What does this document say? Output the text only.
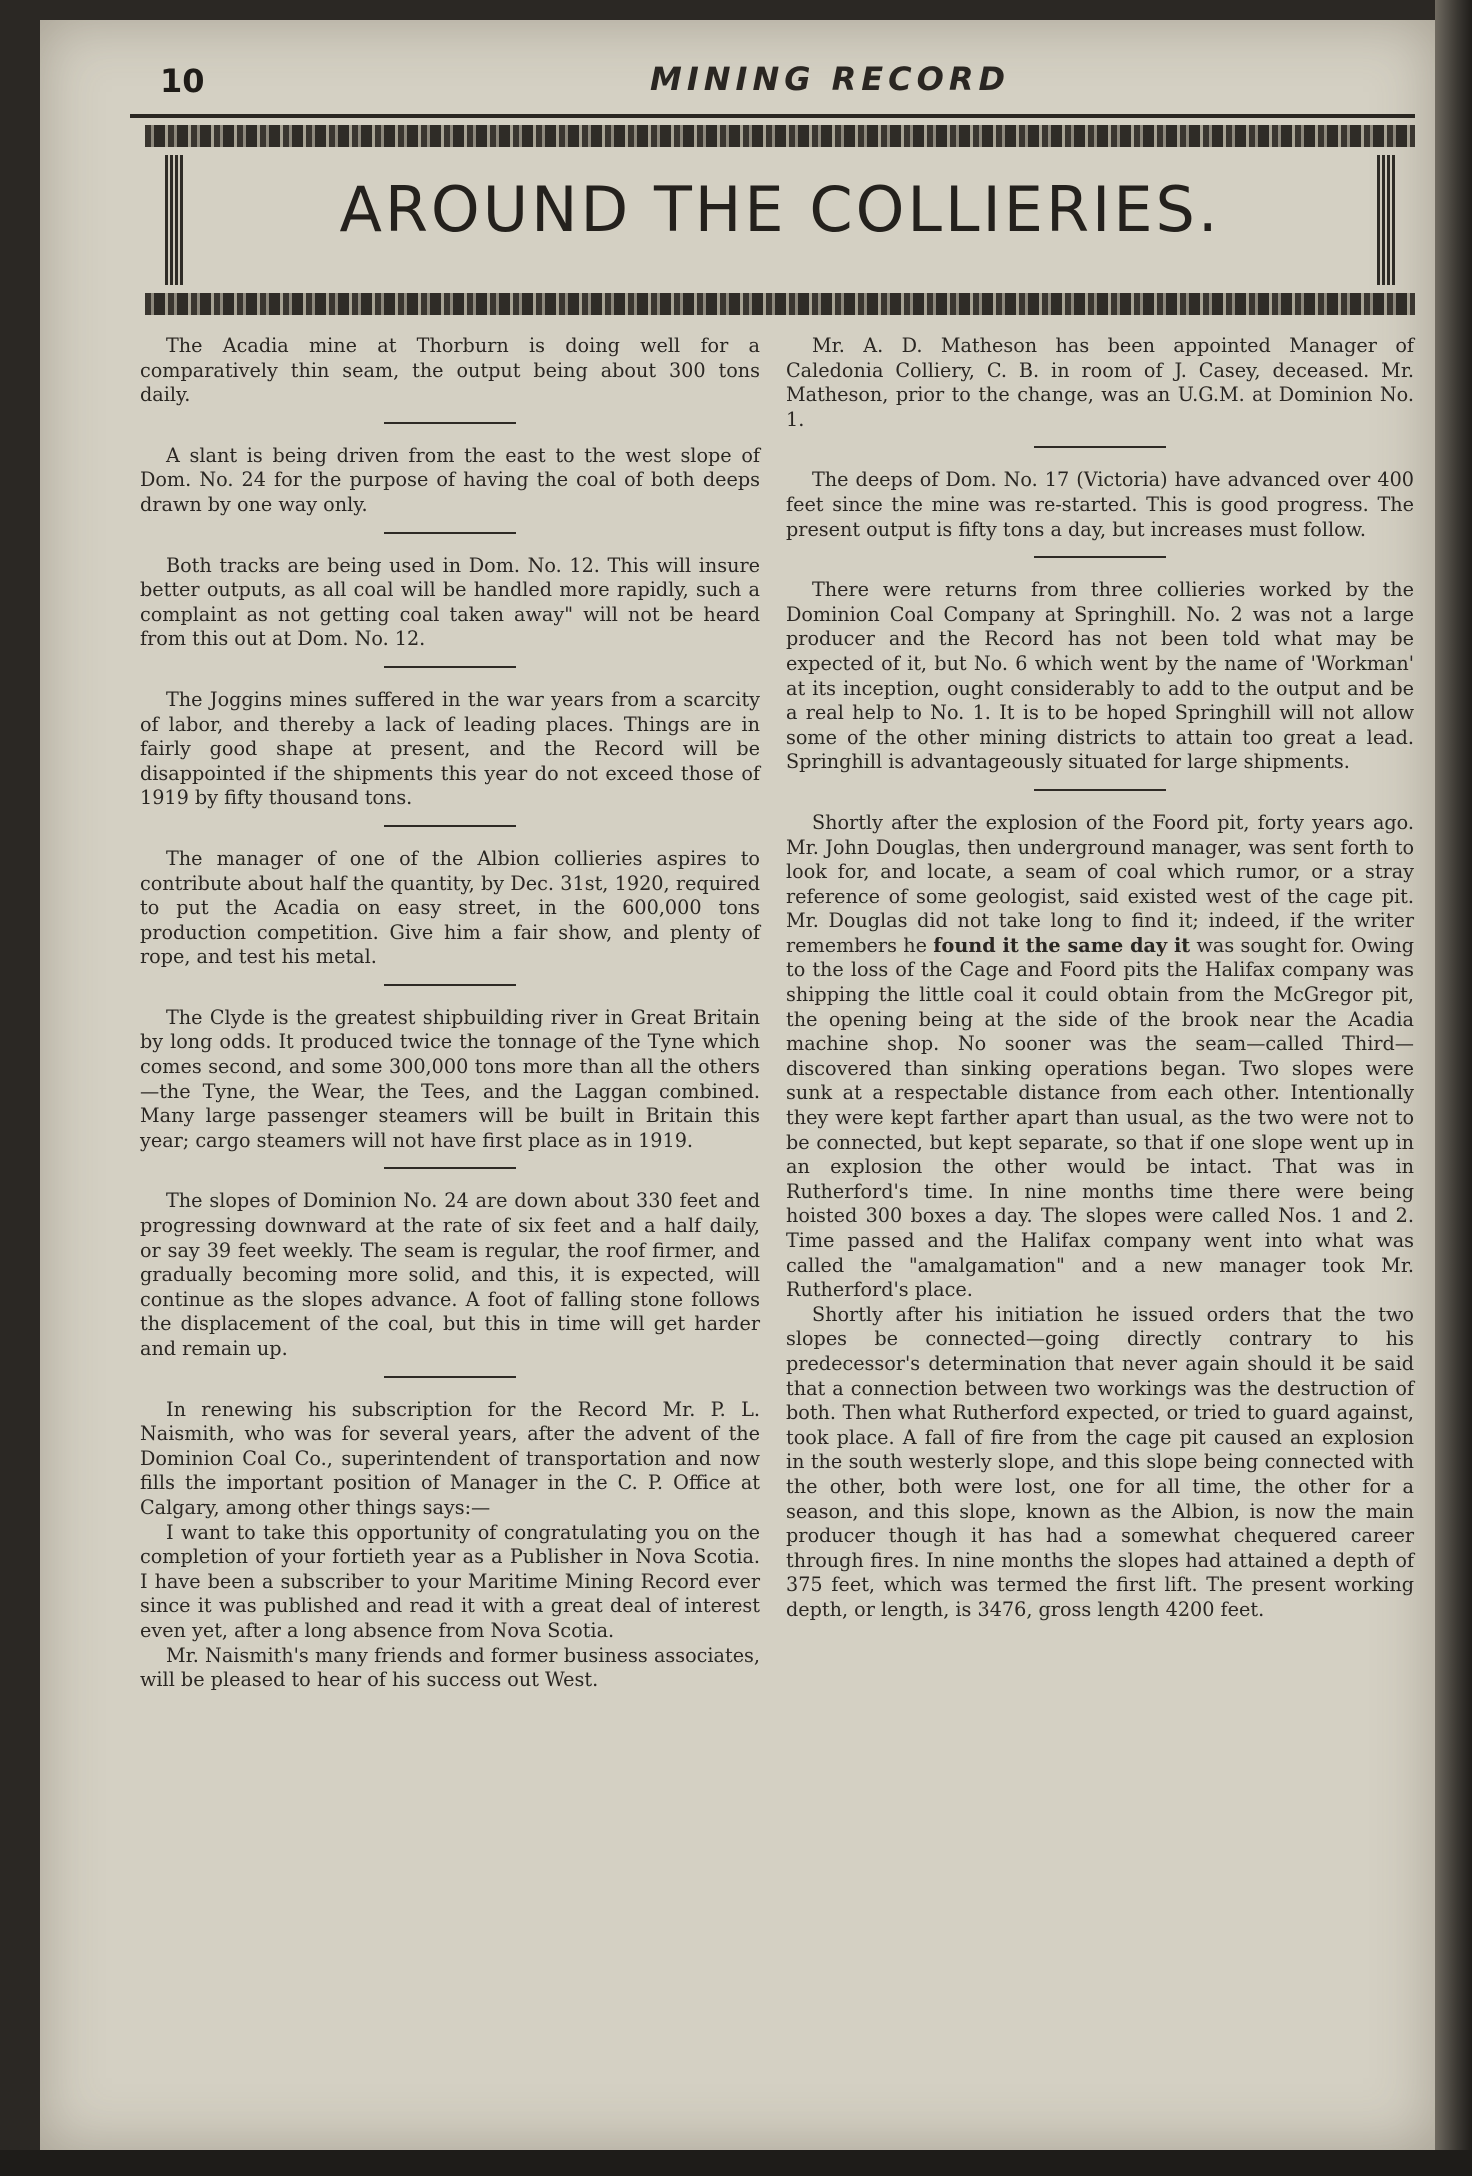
10	MINING RECORD
AROUND THE COLLIERIES.

The Acadia mine at Thorburn is doing well for a comparatively thin seam, the output being about 300 tons daily.

A slant is being driven from the east to the west slope of Dom. No. 24 for the purpose of having the coal of both deeps drawn by one way only.

Both tracks are being used in Dom. No. 12. This will insure better outputs, as all coal will be handled more rapidly, such a complaint as not getting coal taken away" will not be heard from this out at Dom. No. 12.

The Joggins mines suffered in the war years from a scarcity of labor, and thereby a lack of leading places. Things are in fairly good shape at present, and the Record will be disappointed if the shipments this year do not exceed those of 1919 by fifty thousand tons.

The manager of one of the Albion collieries aspires to contribute about half the quantity, by Dec. 31st, 1920, required to put the Acadia on easy street, in the 600,000 tons production competition. Give him a fair show, and plenty of rope, and test his metal.

The Clyde is the greatest shipbuilding river in Great Britain by long odds. It produced twice the tonnage of the Tyne which comes second, and some 300,000 tons more than all the others—the Tyne, the Wear, the Tees, and the Laggan combined. Many large passenger steamers will be built in Britain this year; cargo steamers will not have first place as in 1919.

The slopes of Dominion No. 24 are down about 330 feet and progressing downward at the rate of six feet and a half daily, or say 39 feet weekly. The seam is regular, the roof firmer, and gradually becoming more solid, and this, it is expected, will continue as the slopes advance. A foot of falling stone follows the displacement of the coal, but this in time will get harder and remain up.

In renewing his subscription for the Record Mr. P. L. Naismith, who was for several years, after the advent of the Dominion Coal Co., superintendent of transportation and now fills the important position of Manager in the C. P. Office at Calgary, among other things says:—

I want to take this opportunity of congratulating you on the completion of your fortieth year as a Publisher in Nova Scotia. I have been a subscriber to your Maritime Mining Record ever since it was published and read it with a great deal of interest even yet, after a long absence from Nova Scotia.

Mr. Naismith's many friends and former business associates, will be pleased to hear of his success out West.

Mr. A. D. Matheson has been appointed Manager of Caledonia Colliery, C. B. in room of J. Casey, deceased. Mr. Matheson, prior to the change, was an U.G.M. at Dominion No. 1.

The deeps of Dom. No. 17 (Victoria) have advanced over 400 feet since the mine was re-started. This is good progress. The present output is fifty tons a day, but increases must follow.

There were returns from three collieries worked by the Dominion Coal Company at Springhill. No. 2 was not a large producer and the Record has not been told what may be expected of it, but No. 6 which went by the name of 'Workman' at its inception, ought considerably to add to the output and be a real help to No. 1. It is to be hoped Springhill will not allow some of the other mining districts to attain too great a lead. Springhill is advantageously situated for large shipments.

Shortly after the explosion of the Foord pit, forty years ago. Mr. John Douglas, then underground manager, was sent forth to look for, and locate, a seam of coal which rumor, or a stray reference of some geologist, said existed west of the cage pit. Mr. Douglas did not take long to find it; indeed, if the writer remembers he found it the same day it was sought for. Owing to the loss of the Cage and Foord pits the Halifax company was shipping the little coal it could obtain from the McGregor pit, the opening being at the side of the brook near the Acadia machine shop. No sooner was the seam—called Third—discovered than sinking operations began. Two slopes were sunk at a respectable distance from each other. Intentionally they were kept farther apart than usual, as the two were not to be connected, but kept separate, so that if one slope went up in an explosion the other would be intact. That was in Rutherford's time. In nine months time there were being hoisted 300 boxes a day. The slopes were called Nos. 1 and 2. Time passed and the Halifax company went into what was called the "amalgamation" and a new manager took Mr. Rutherford's place.

Shortly after his initiation he issued orders that the two slopes be connected—going directly contrary to his predecessor's determination that never again should it be said that a connection between two workings was the destruction of both. Then what Rutherford expected, or tried to guard against, took place. A fall of fire from the cage pit caused an explosion in the south westerly slope, and this slope being connected with the other, both were lost, one for all time, the other for a season, and this slope, known as the Albion, is now the main producer though it has had a somewhat chequered career through fires. In nine months the slopes had attained a depth of 375 feet, which was termed the first lift. The present working depth, or length, is 3476, gross length 4200 feet.
